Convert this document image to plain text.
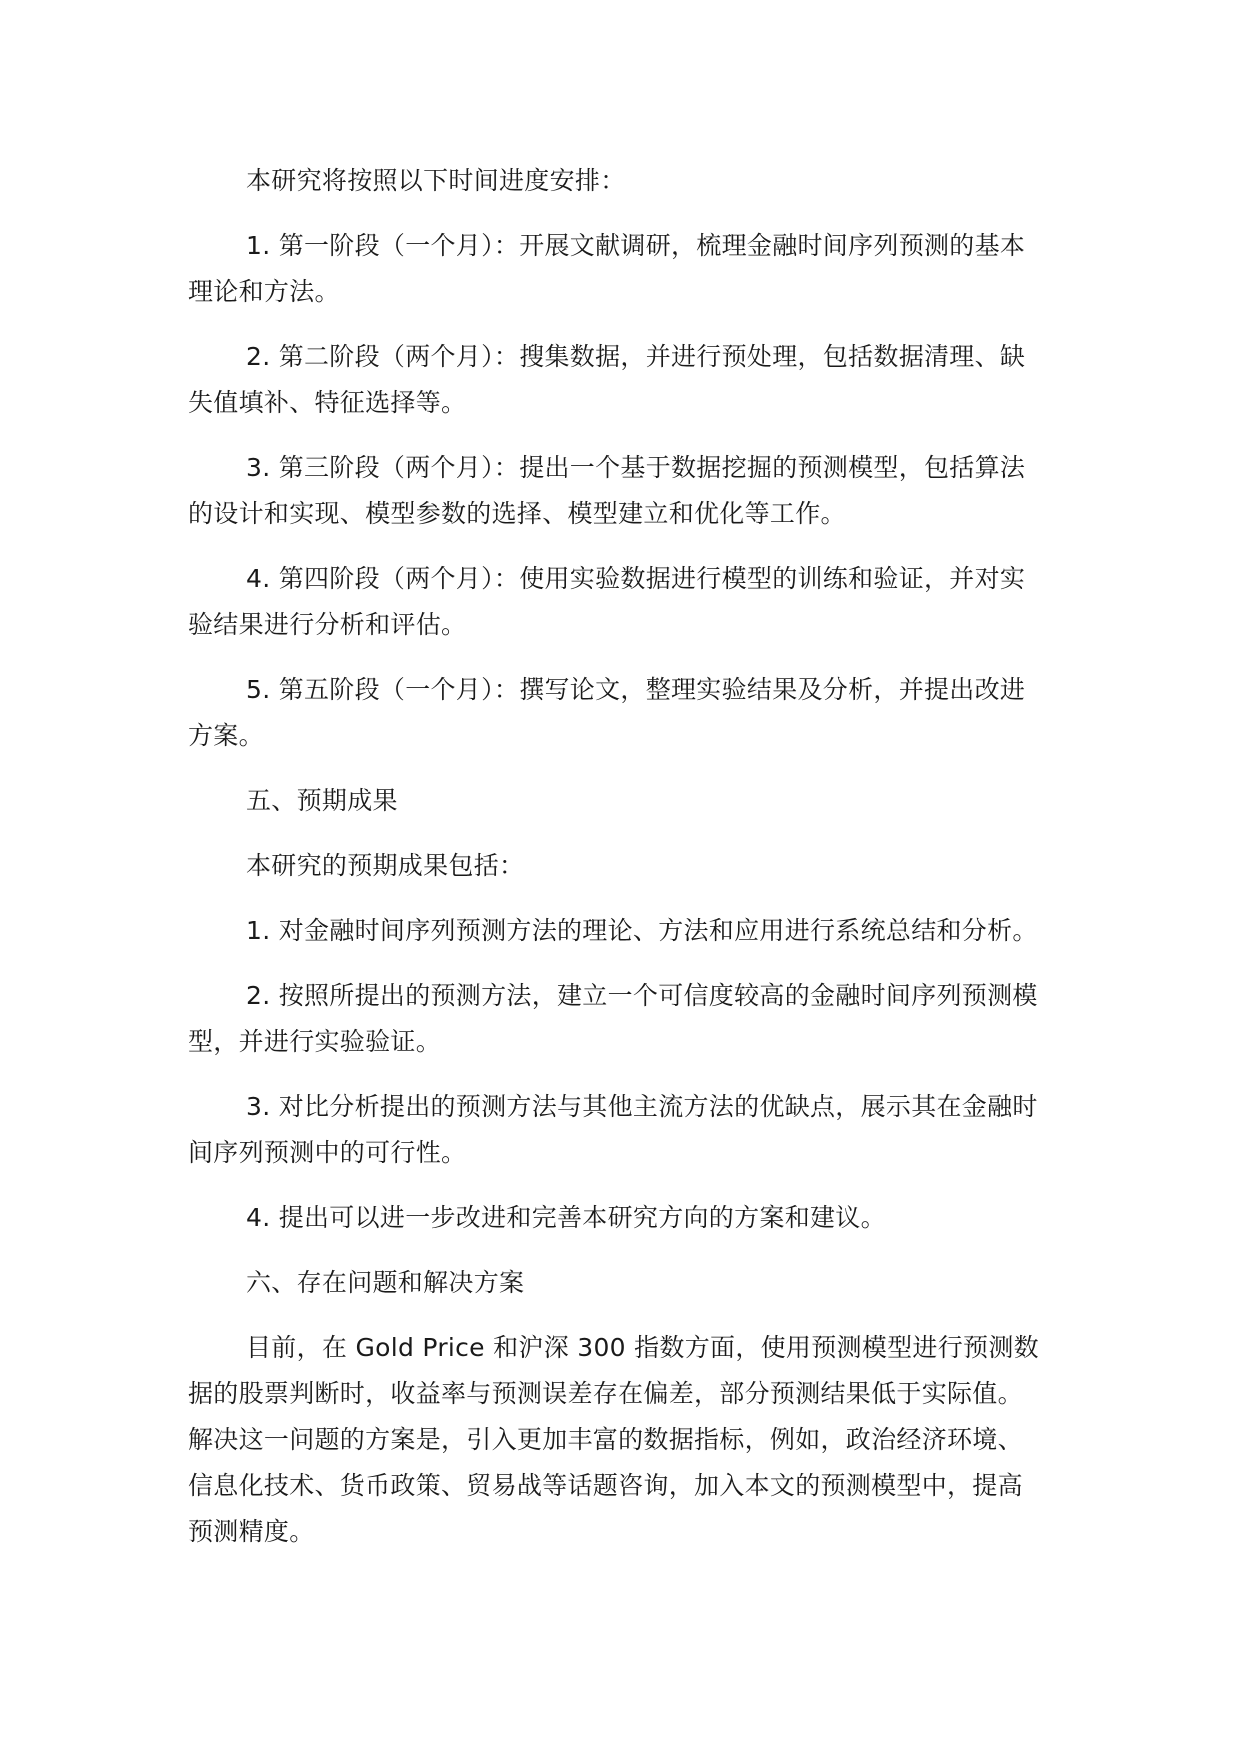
本研究将按照以下时间进度安排：

1. 第一阶段（一个月）：开展文献调研，梳理金融时间序列预测的基本理论和方法。

2. 第二阶段（两个月）：搜集数据，并进行预处理，包括数据清理、缺失值填补、特征选择等。

3. 第三阶段（两个月）：提出一个基于数据挖掘的预测模型，包括算法的设计和实现、模型参数的选择、模型建立和优化等工作。

4. 第四阶段（两个月）：使用实验数据进行模型的训练和验证，并对实验结果进行分析和评估。

5. 第五阶段（一个月）：撰写论文，整理实验结果及分析，并提出改进方案。

五、预期成果

本研究的预期成果包括：

1. 对金融时间序列预测方法的理论、方法和应用进行系统总结和分析。

2. 按照所提出的预测方法，建立一个可信度较高的金融时间序列预测模型，并进行实验验证。

3. 对比分析提出的预测方法与其他主流方法的优缺点，展示其在金融时间序列预测中的可行性。

4. 提出可以进一步改进和完善本研究方向的方案和建议。

六、存在问题和解决方案

目前，在 Gold Price 和沪深 300 指数方面，使用预测模型进行预测数据的股票判断时，收益率与预测误差存在偏差，部分预测结果低于实际值。解决这一问题的方案是，引入更加丰富的数据指标，例如，政治经济环境、信息化技术、货币政策、贸易战等话题咨询，加入本文的预测模型中，提高预测精度。
